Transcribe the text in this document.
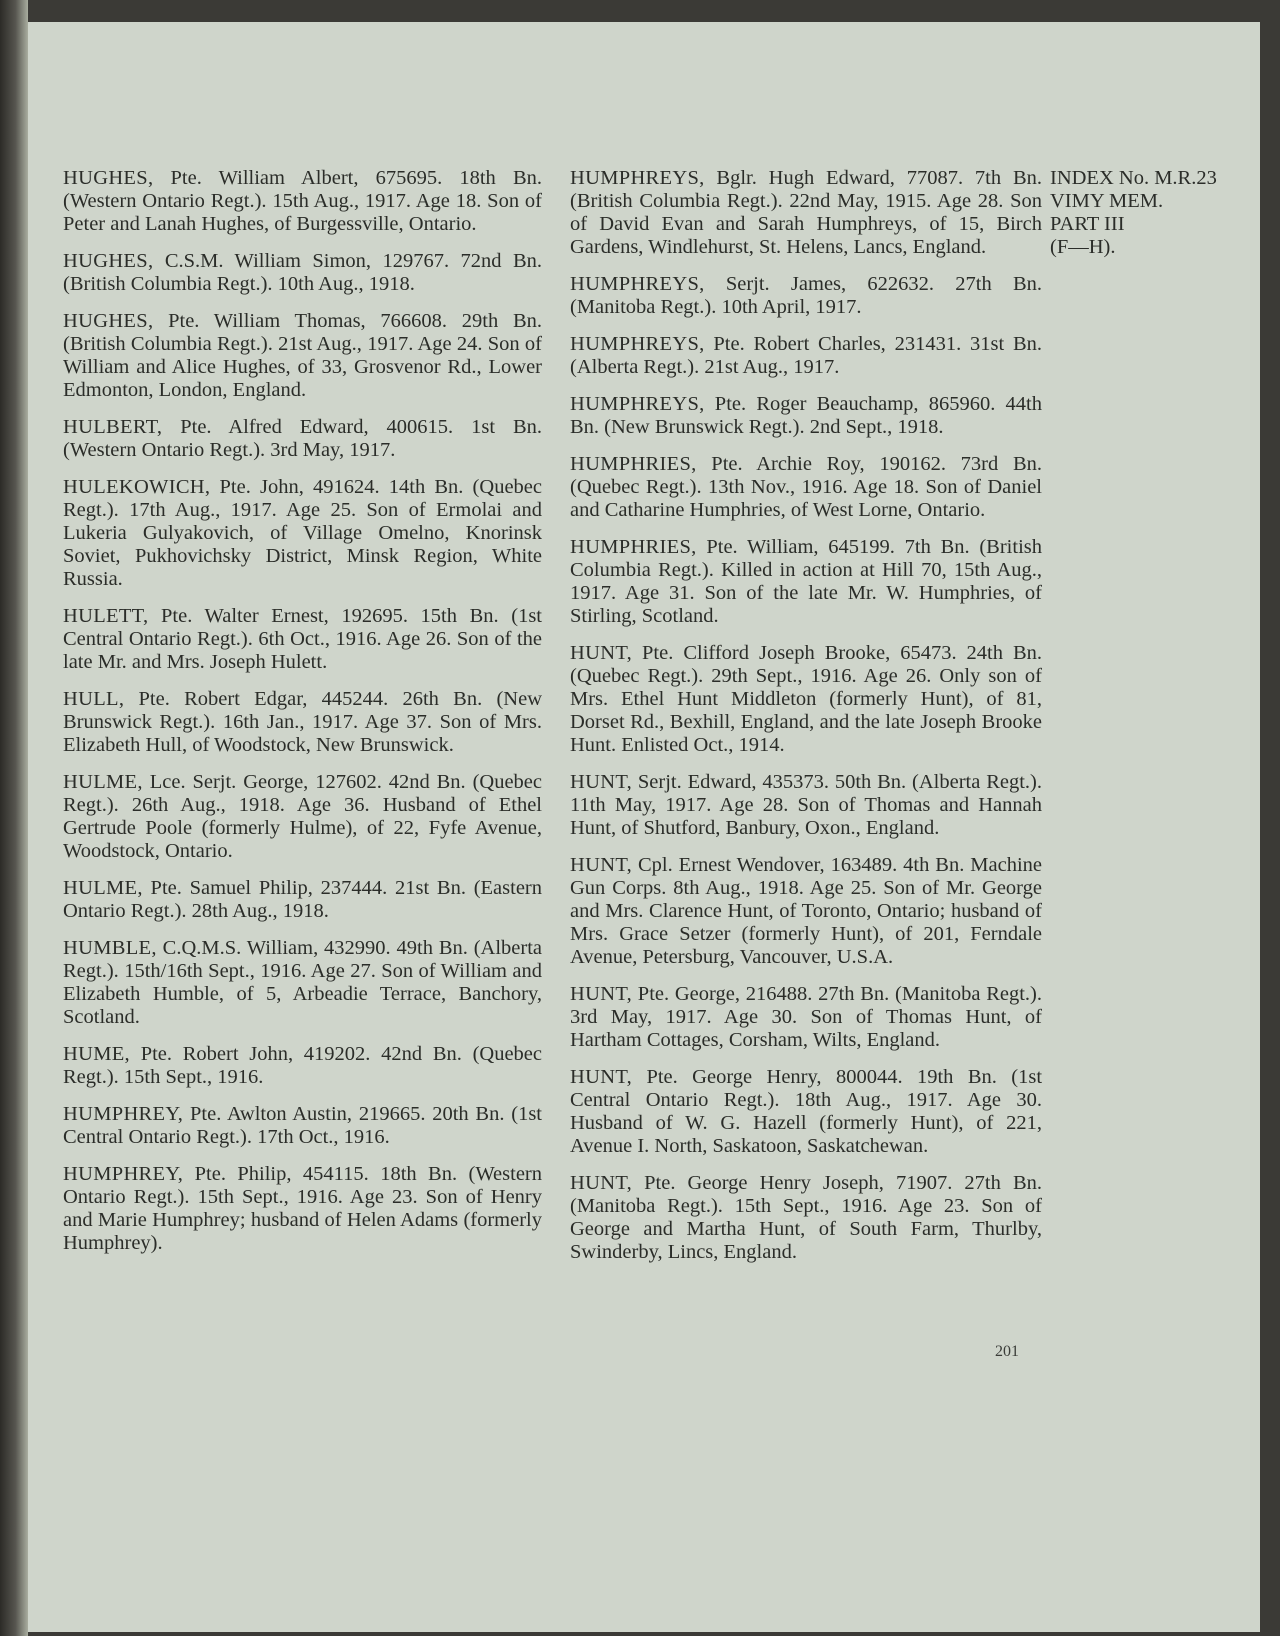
HUGHES, Pte. William Albert, 675695. 18th Bn. (Western Ontario Regt.). 15th Aug., 1917. Age 18. Son of Peter and Lanah Hughes, of Burgessville, Ontario.

HUGHES, C.S.M. William Simon, 129767. 72nd Bn. (British Columbia Regt.). 10th Aug., 1918.

HUGHES, Pte. William Thomas, 766608. 29th Bn. (British Columbia Regt.). 21st Aug., 1917. Age 24. Son of William and Alice Hughes, of 33, Grosvenor Rd., Lower Edmonton, London, England.

HULBERT, Pte. Alfred Edward, 400615. 1st Bn. (Western Ontario Regt.). 3rd May, 1917.

HULEKOWICH, Pte. John, 491624. 14th Bn. (Quebec Regt.). 17th Aug., 1917. Age 25. Son of Ermolai and Lukeria Gulyakovich, of Village Omelno, Knorinsk Soviet, Pukhovichsky District, Minsk Region, White Russia.

HULETT, Pte. Walter Ernest, 192695. 15th Bn. (1st Central Ontario Regt.). 6th Oct., 1916. Age 26. Son of the late Mr. and Mrs. Joseph Hulett.

HULL, Pte. Robert Edgar, 445244. 26th Bn. (New Brunswick Regt.). 16th Jan., 1917. Age 37. Son of Mrs. Elizabeth Hull, of Woodstock, New Brunswick.

HULME, Lce. Serjt. George, 127602. 42nd Bn. (Quebec Regt.). 26th Aug., 1918. Age 36. Husband of Ethel Gertrude Poole (formerly Hulme), of 22, Fyfe Avenue, Woodstock, Ontario.

HULME, Pte. Samuel Philip, 237444. 21st Bn. (Eastern Ontario Regt.). 28th Aug., 1918.

HUMBLE, C.Q.M.S. William, 432990. 49th Bn. (Alberta Regt.). 15th/16th Sept., 1916. Age 27. Son of William and Elizabeth Humble, of 5, Arbeadie Terrace, Banchory, Scotland.

HUME, Pte. Robert John, 419202. 42nd Bn. (Quebec Regt.). 15th Sept., 1916.

HUMPHREY, Pte. Awlton Austin, 219665. 20th Bn. (1st Central Ontario Regt.). 17th Oct., 1916.

HUMPHREY, Pte. Philip, 454115. 18th Bn. (Western Ontario Regt.). 15th Sept., 1916. Age 23. Son of Henry and Marie Humphrey; husband of Helen Adams (formerly Humphrey).

HUMPHREYS, Bglr. Hugh Edward, 77087. 7th Bn. (British Columbia Regt.). 22nd May, 1915. Age 28. Son of David Evan and Sarah Humphreys, of 15, Birch Gardens, Windlehurst, St. Helens, Lancs, England.

HUMPHREYS, Serjt. James, 622632. 27th Bn. (Manitoba Regt.). 10th April, 1917.

HUMPHREYS, Pte. Robert Charles, 231431. 31st Bn. (Alberta Regt.). 21st Aug., 1917.

HUMPHREYS, Pte. Roger Beauchamp, 865960. 44th Bn. (New Brunswick Regt.). 2nd Sept., 1918.

HUMPHRIES, Pte. Archie Roy, 190162. 73rd Bn. (Quebec Regt.). 13th Nov., 1916. Age 18. Son of Daniel and Catharine Humphries, of West Lorne, Ontario.

HUMPHRIES, Pte. William, 645199. 7th Bn. (British Columbia Regt.). Killed in action at Hill 70, 15th Aug., 1917. Age 31. Son of the late Mr. W. Humphries, of Stirling, Scotland.

HUNT, Pte. Clifford Joseph Brooke, 65473. 24th Bn. (Quebec Regt.). 29th Sept., 1916. Age 26. Only son of Mrs. Ethel Hunt Middleton (formerly Hunt), of 81, Dorset Rd., Bexhill, England, and the late Joseph Brooke Hunt. Enlisted Oct., 1914.

HUNT, Serjt. Edward, 435373. 50th Bn. (Alberta Regt.). 11th May, 1917. Age 28. Son of Thomas and Hannah Hunt, of Shutford, Banbury, Oxon., England.

HUNT, Cpl. Ernest Wendover, 163489. 4th Bn. Machine Gun Corps. 8th Aug., 1918. Age 25. Son of Mr. George and Mrs. Clarence Hunt, of Toronto, Ontario; husband of Mrs. Grace Setzer (formerly Hunt), of 201, Ferndale Avenue, Petersburg, Vancouver, U.S.A.

HUNT, Pte. George, 216488. 27th Bn. (Manitoba Regt.). 3rd May, 1917. Age 30. Son of Thomas Hunt, of Hartham Cottages, Corsham, Wilts, England.

HUNT, Pte. George Henry, 800044. 19th Bn. (1st Central Ontario Regt.). 18th Aug., 1917. Age 30. Husband of W. G. Hazell (formerly Hunt), of 221, Avenue I. North, Saskatoon, Saskatchewan.

HUNT, Pte. George Henry Joseph, 71907. 27th Bn. (Manitoba Regt.). 15th Sept., 1916. Age 23. Son of George and Martha Hunt, of South Farm, Thurlby, Swinderby, Lincs, England.

INDEX No. M.R.23
VIMY MEM.
PART III
(F—H).
201
